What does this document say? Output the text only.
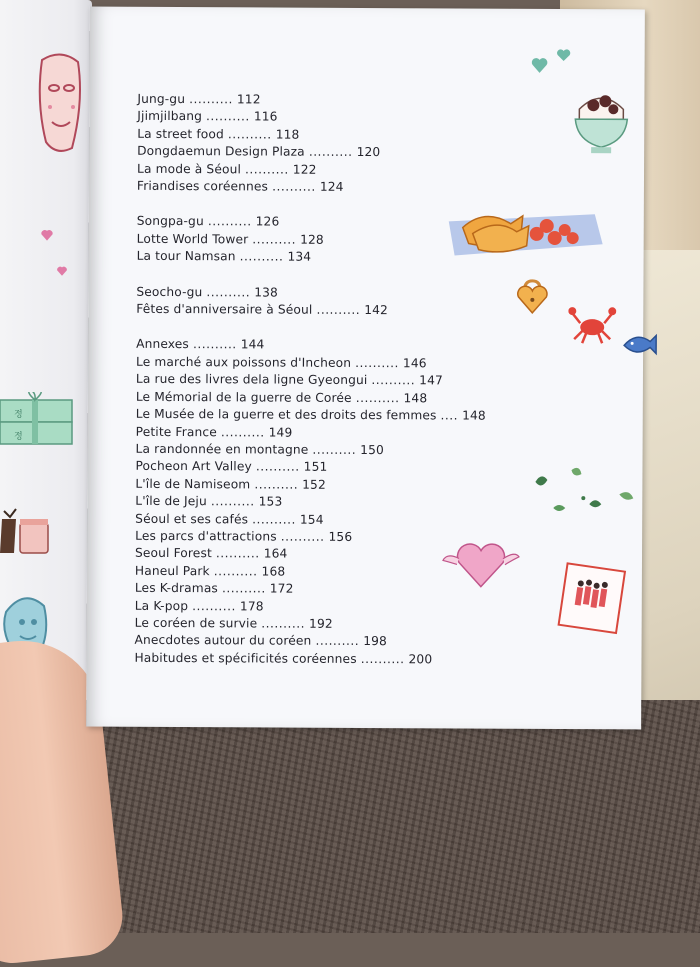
정
정
Jung-gu .......... 112
Jjimjilbang .......... 116
La street food .......... 118
Dongdaemun Design Plaza .......... 120
La mode à Séoul .......... 122
Friandises coréennes .......... 124
Songpa-gu .......... 126
Lotte World Tower .......... 128
La tour Namsan .......... 134
Seocho-gu .......... 138
Fêtes d'anniversaire à Séoul .......... 142
Annexes .......... 144
Le marché aux poissons d'Incheon .......... 146
La rue des livres dela ligne Gyeongui .......... 147
Le Mémorial de la guerre de Corée .......... 148
Le Musée de la guerre et des droits des femmes .... 148
Petite France .......... 149
La randonnée en montagne .......... 150
Pocheon Art Valley .......... 151
L'île de Namiseom .......... 152
L'île de Jeju .......... 153
Séoul et ses cafés .......... 154
Les parcs d'attractions .......... 156
Seoul Forest .......... 164
Haneul Park .......... 168
Les K-dramas .......... 172
La K-pop .......... 178
Le coréen de survie .......... 192
Anecdotes autour du coréen .......... 198
Habitudes et spécificités coréennes .......... 200
